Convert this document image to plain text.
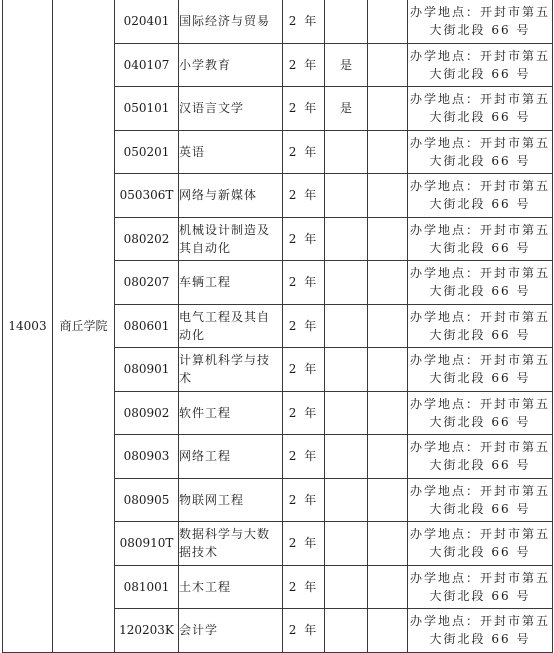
14003	商丘学院	020401	国际经济与贸易	2 年			办学地点：开封市第五大街北段 66 号
		040107	小学教育	2 年	是		办学地点：开封市第五大街北段 66 号
		050101	汉语言文学	2 年	是		办学地点：开封市第五大街北段 66 号
		050201	英语	2 年			办学地点：开封市第五大街北段 66 号
		050306T	网络与新媒体	2 年			办学地点：开封市第五大街北段 66 号
		080202	机械设计制造及其自动化	2 年			办学地点：开封市第五大街北段 66 号
		080207	车辆工程	2 年			办学地点：开封市第五大街北段 66 号
		080601	电气工程及其自动化	2 年			办学地点：开封市第五大街北段 66 号
		080901	计算机科学与技术	2 年			办学地点：开封市第五大街北段 66 号
		080902	软件工程	2 年			办学地点：开封市第五大街北段 66 号
		080903	网络工程	2 年			办学地点：开封市第五大街北段 66 号
		080905	物联网工程	2 年			办学地点：开封市第五大街北段 66 号
		080910T	数据科学与大数据技术	2 年			办学地点：开封市第五大街北段 66 号
		081001	土木工程	2 年			办学地点：开封市第五大街北段 66 号
		120203K	会计学	2 年			办学地点：开封市第五大街北段 66 号
